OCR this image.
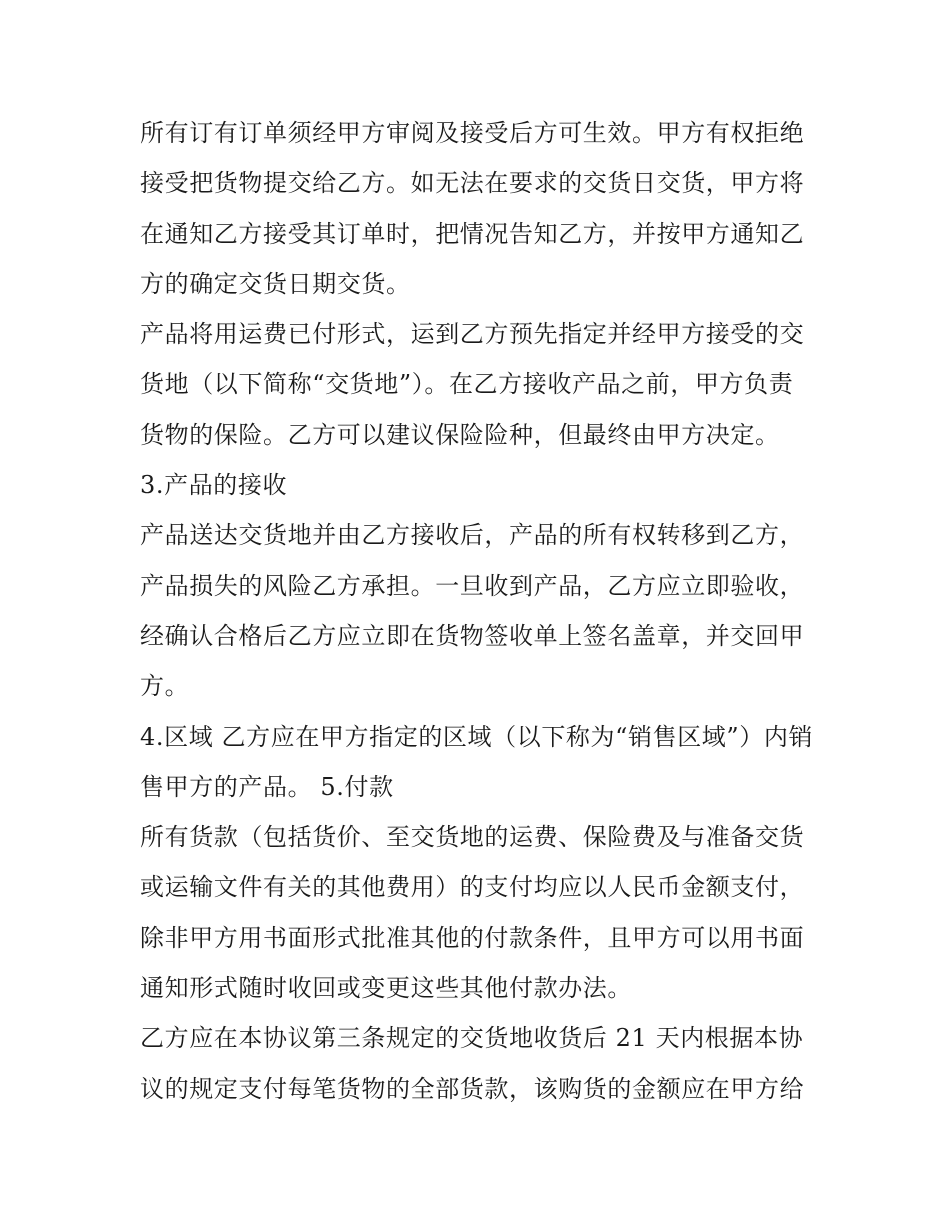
所有订有订单须经甲方审阅及接受后方可生效。甲方有权拒绝
接受把货物提交给乙方。如无法在要求的交货日交货，甲方将
在通知乙方接受其订单时，把情况告知乙方，并按甲方通知乙
方的确定交货日期交货。
产品将用运费已付形式，运到乙方预先指定并经甲方接受的交
货地（以下简称“交货地”）。在乙方接收产品之前，甲方负责
货物的保险。乙方可以建议保险险种，但最终由甲方决定。
3.产品的接收
产品送达交货地并由乙方接收后，产品的所有权转移到乙方，
产品损失的风险乙方承担。一旦收到产品，乙方应立即验收，
经确认合格后乙方应立即在货物签收单上签名盖章，并交回甲
方。
4.区域 乙方应在甲方指定的区域（以下称为“销售区域”）内销
售甲方的产品。 5.付款
所有货款（包括货价、至交货地的运费、保险费及与准备交货
或运输文件有关的其他费用）的支付均应以人民币金额支付，
除非甲方用书面形式批准其他的付款条件，且甲方可以用书面
通知形式随时收回或变更这些其他付款办法。
乙方应在本协议第三条规定的交货地收货后 21 天内根据本协
议的规定支付每笔货物的全部货款，该购货的金额应在甲方给
